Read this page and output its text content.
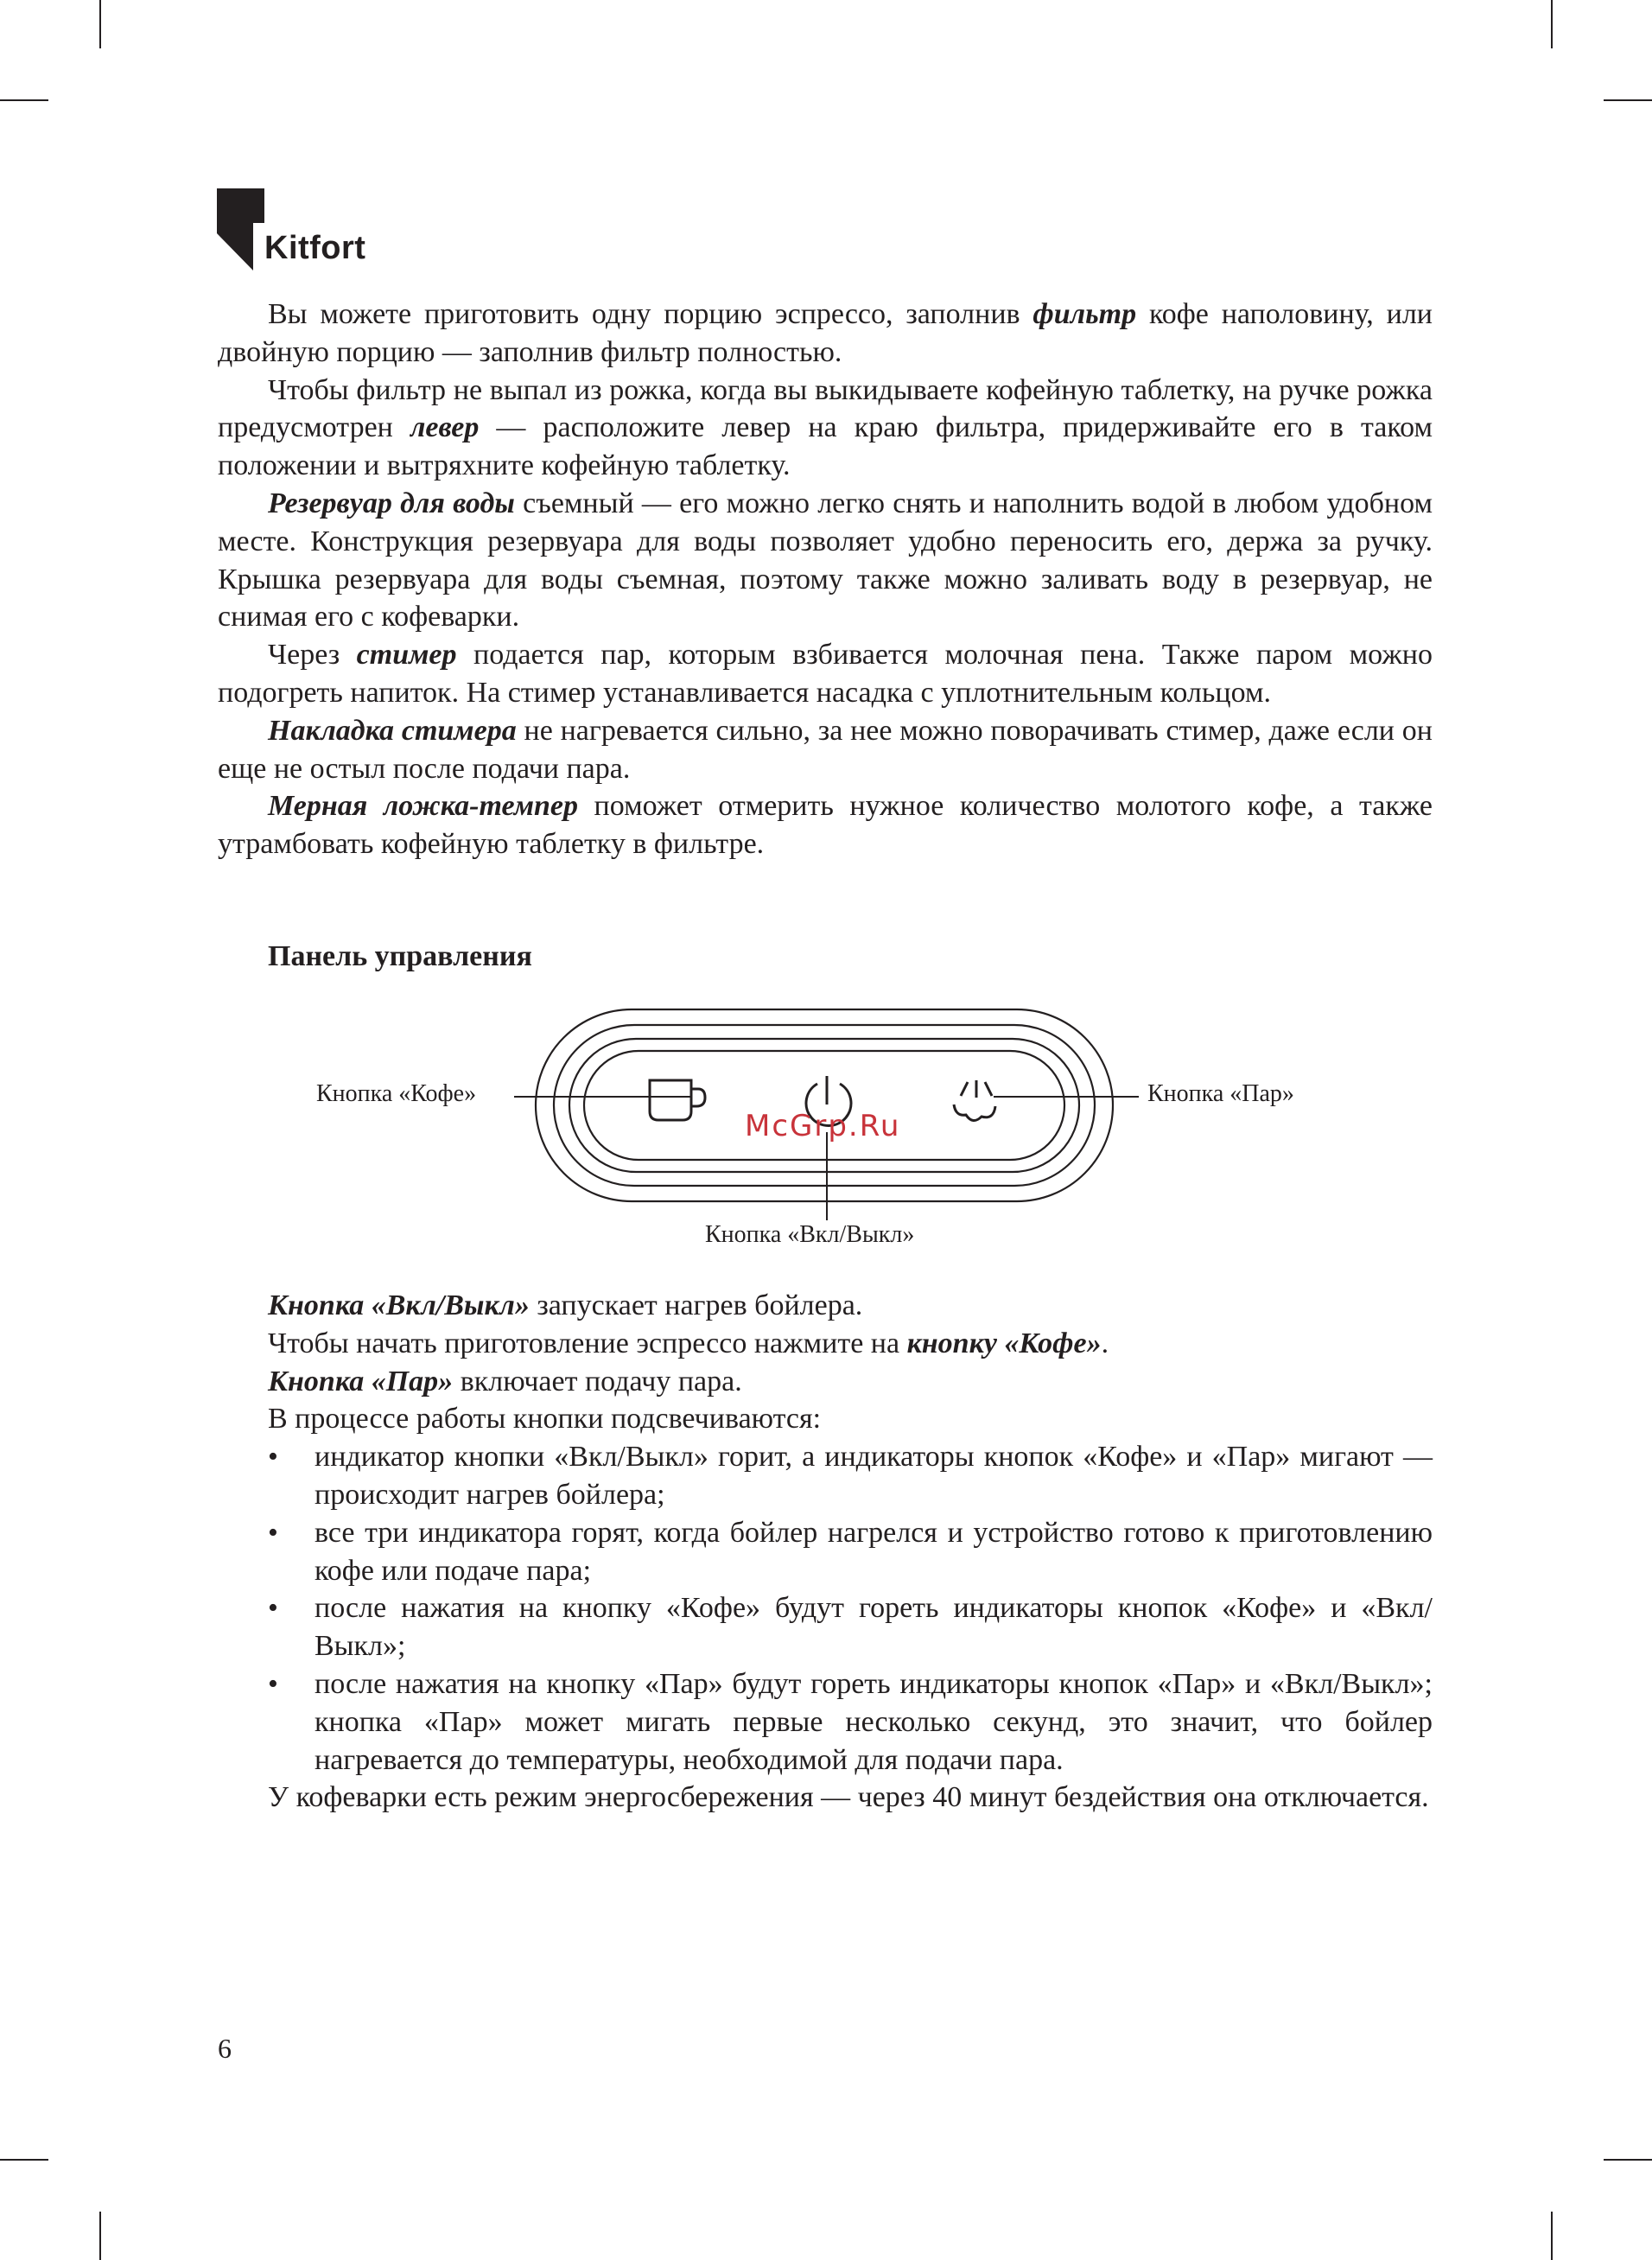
Kitfort

Вы можете приготовить одну порцию эспрессо, заполнив фильтр кофе наполовину, или двойную порцию — заполнив фильтр полностью.

Чтобы фильтр не выпал из рожка, когда вы выкидываете кофейную таблетку, на ручке рожка предусмотрен левер — расположите левер на краю фильтра, придерживайте его в таком положении и вытряхните кофейную таблетку.

Резервуар для воды съемный — его можно легко снять и наполнить водой в любом удобном месте. Конструкция резервуара для воды позволяет удобно переносить его, держа за ручку. Крышка резервуара для воды съемная, поэтому также можно заливать воду в резервуар, не снимая его с кофеварки.

Через стимер подается пар, которым взбивается молочная пена. Также паром можно подогреть напиток. На стимер устанавливается насадка с уплотнительным кольцом.

Накладка стимера не нагревается сильно, за нее можно поворачивать стимер, даже если он еще не остыл после подачи пара.

Мерная ложка-темпер поможет отмерить нужное количество молотого кофе, а также утрамбовать кофейную таблетку в фильтре.

Панель управления
Кнопка «Кофе»	Кнопка «Пар»
Кнопка «Вкл/Выкл»
McGrp.Ru

Кнопка «Вкл/Выкл» запускает нагрев бойлера.

Чтобы начать приготовление эспрессо нажмите на кнопку «Кофе».

Кнопка «Пар» включает подачу пара.

В процессе работы кнопки подсвечиваются:

• индикатор кнопки «Вкл/Выкл» горит, а индикаторы кнопок «Кофе» и «Пар» мигают — происходит нагрев бойлера;
• все три индикатора горят, когда бойлер нагрелся и устройство готово к приготовлению кофе или подаче пара;
• после нажатия на кнопку «Кофе» будут гореть индикаторы кнопок «Кофе» и «Вкл/Выкл»;
• после нажатия на кнопку «Пар» будут гореть индикаторы кнопок «Пар» и «Вкл/Выкл»; кнопка «Пар» может мигать первые несколько секунд, это значит, что бойлер нагревается до температуры, необходимой для подачи пара.

У кофеварки есть режим энергосбережения — через 40 минут бездействия она отключается.

6
